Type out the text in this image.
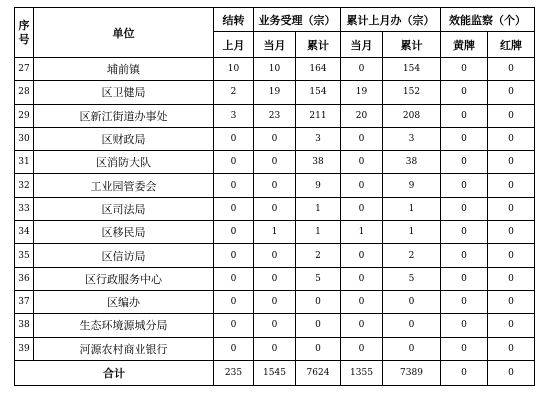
序
号	单位	结转	业务受理（宗）		累计上月办（宗）		效能监察（个）	
		上月	当月	累计	当月	累计	黄牌	红牌
27	埔前镇	10	10	164	0	154	0	0
28	区卫健局	2	19	154	19	152	0	0
29	区新江街道办事处	3	23	211	20	208	0	0
30	区财政局	0	0	3	0	3	0	0
31	区消防大队	0	0	38	0	38	0	0
32	工业园管委会	0	0	9	0	9	0	0
33	区司法局	0	0	1	0	1	0	0
34	区移民局	0	1	1	1	1	0	0
35	区信访局	0	0	2	0	2	0	0
36	区行政服务中心	0	0	5	0	5	0	0
37	区编办	0	0	0	0	0	0	0
38	生态环境源城分局	0	0	0	0	0	0	0
39	河源农村商业银行	0	0	0	0	0	0	0
合计		235	1545	7624	1355	7389	0	0
